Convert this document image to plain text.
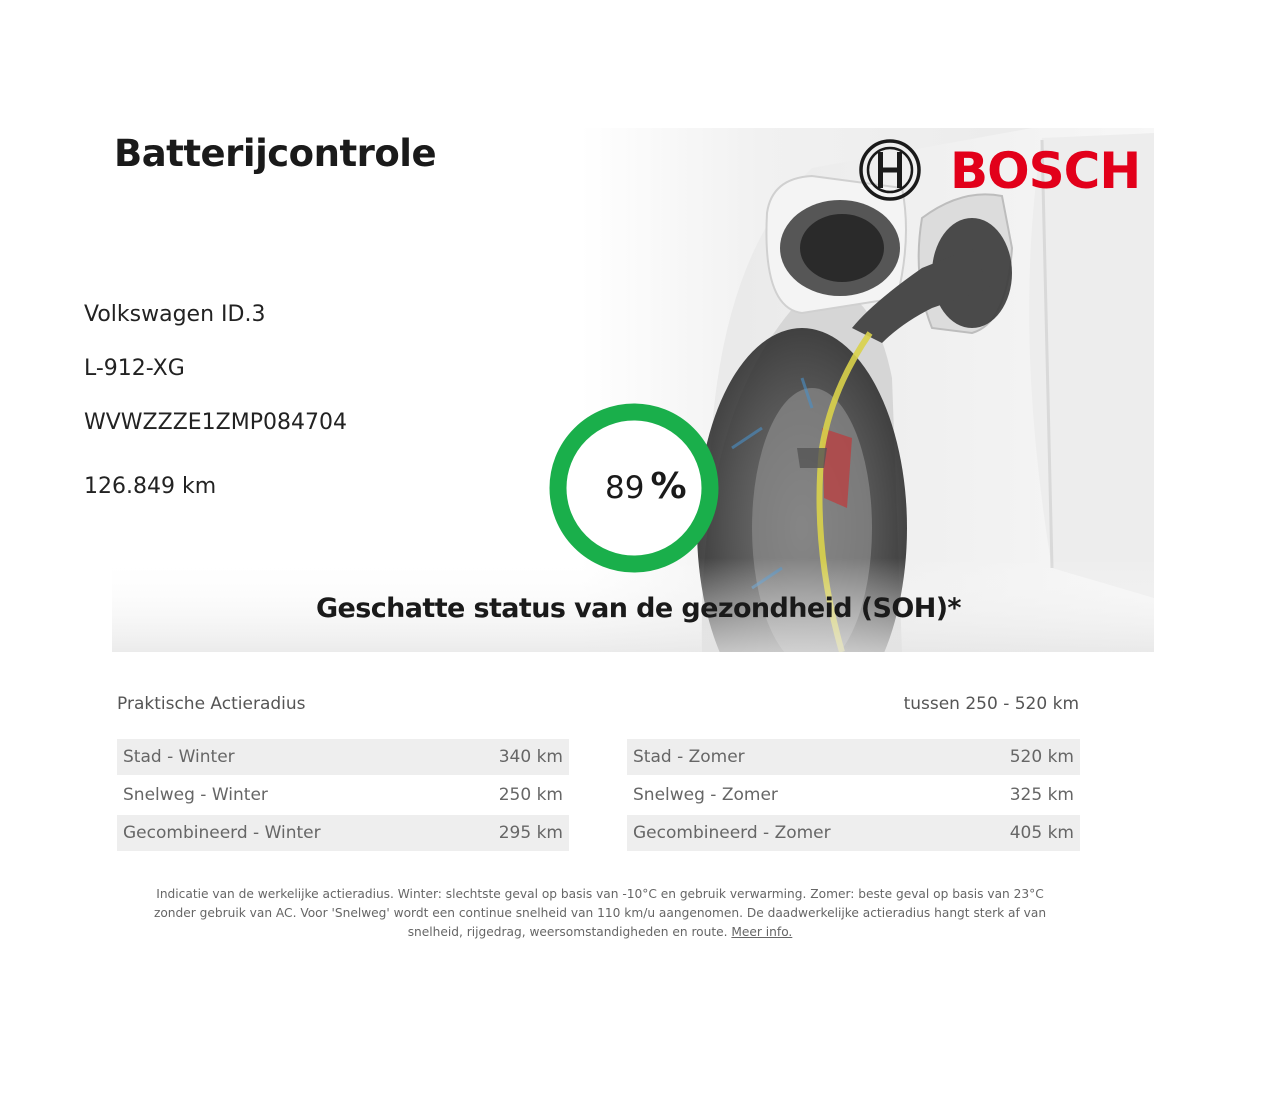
Batterijcontrole	BOSCH
Volkswagen ID.3
L-912-XG
WVWZZZE1ZMP084704
126.849 km	89 %
Geschatte status van de gezondheid (SOH)*
Praktische Actieradius	tussen 250 - 520 km
Stad - Winter	340 km
Snelweg - Winter	250 km
Gecombineerd - Winter	295 km
Stad - Zomer	520 km
Snelweg - Zomer	325 km
Gecombineerd - Zomer	405 km

Indicatie van de werkelijke actieradius. Winter: slechtste geval op basis van -10°C en gebruik verwarming. Zomer: beste geval op basis van 23°C zonder gebruik van AC. Voor 'Snelweg' wordt een continue snelheid van 110 km/u aangenomen. De daadwerkelijke actieradius hangt sterk af van snelheid, rijgedrag, weersomstandigheden en route. Meer info.
